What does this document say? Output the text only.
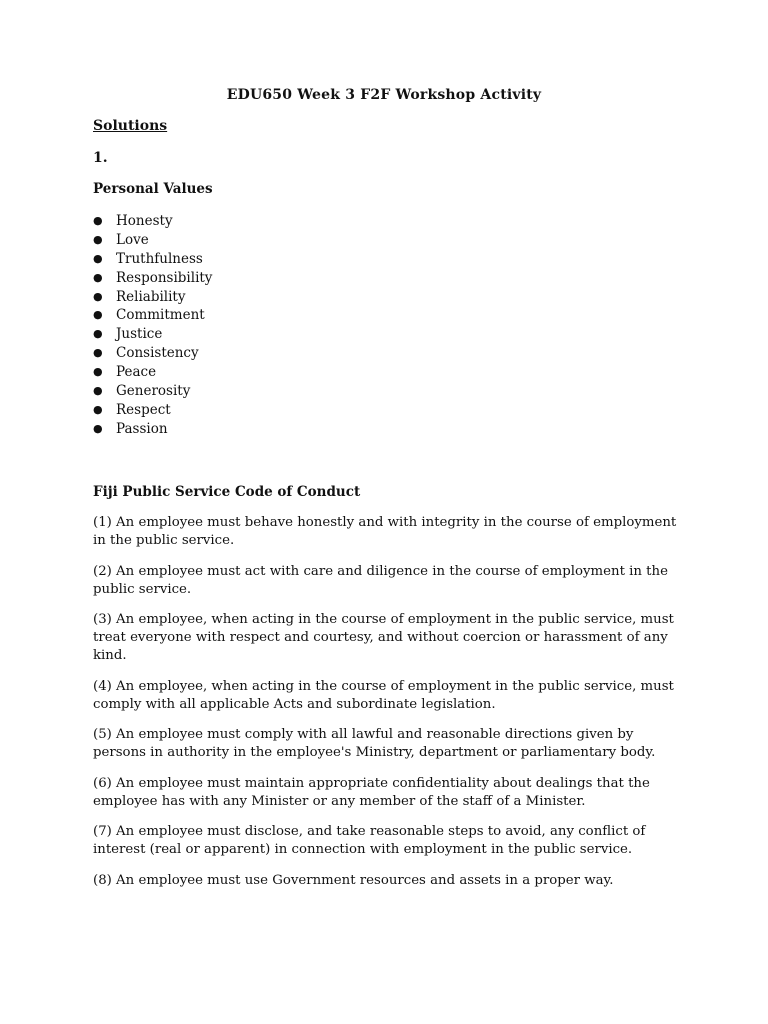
EDU650 Week 3 F2F Workshop Activity
Solutions
1.
Personal Values
● Honesty
● Love
● Truthfulness
● Responsibility
● Reliability
● Commitment
● Justice
● Consistency
● Peace
● Generosity
● Respect
● Passion
Fiji Public Service Code of Conduct

(1) An employee must behave honestly and with integrity in the course of employment in the public service.

(2) An employee must act with care and diligence in the course of employment in the public service.

(3) An employee, when acting in the course of employment in the public service, must treat everyone with respect and courtesy, and without coercion or harassment of any kind.

(4) An employee, when acting in the course of employment in the public service, must comply with all applicable Acts and subordinate legislation.

(5) An employee must comply with all lawful and reasonable directions given by persons in authority in the employee's Ministry, department or parliamentary body.

(6) An employee must maintain appropriate confidentiality about dealings that the employee has with any Minister or any member of the staff of a Minister.

(7) An employee must disclose, and take reasonable steps to avoid, any conflict of interest (real or apparent) in connection with employment in the public service.

(8) An employee must use Government resources and assets in a proper way.
